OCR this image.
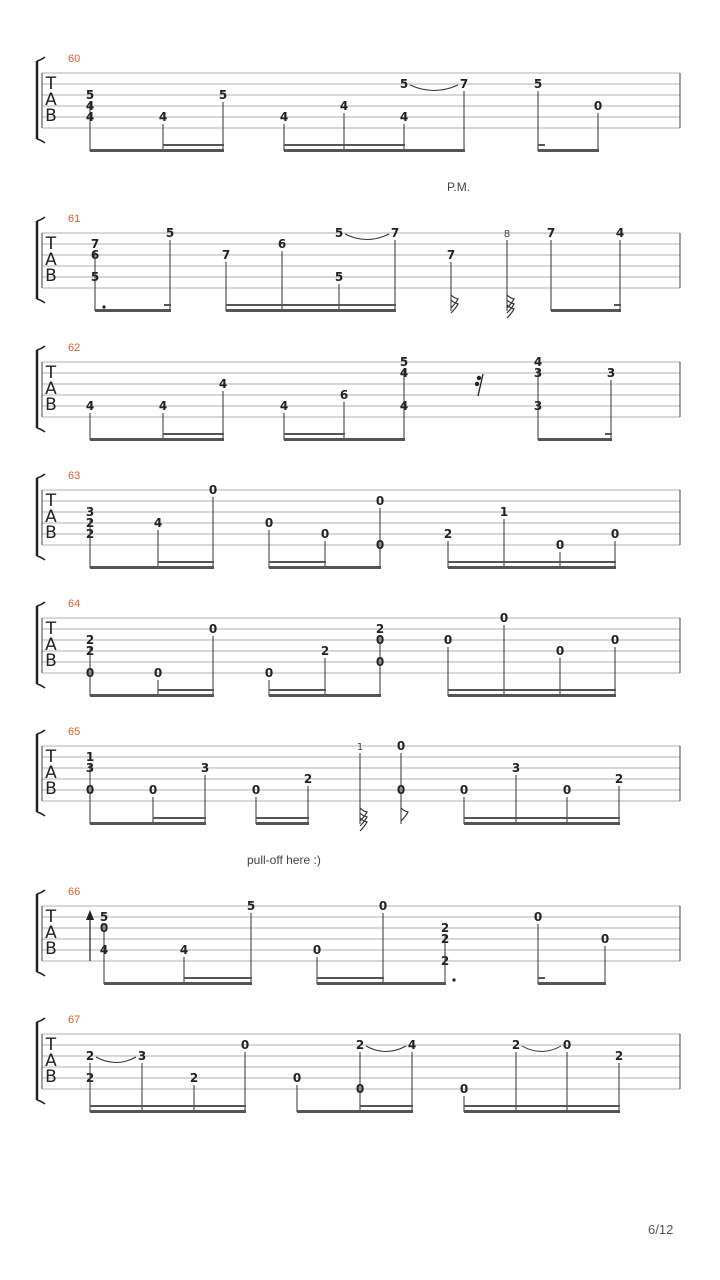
T
A
B
60
5
4
4	4
5
4
4
4
5	7	5
0
T
A
B
61
P.M.
7
6
5
5
7
6
5
5	7
7
8	7	4
T
A
B
62
4	4
4
4
6
5
4
4
4
3
3
3
T
A
B
63
3
2
2
4
0
0
0
0
0
2
1
0
0
T
A
B
64
2
2
0	0
0
0
2
2
0
0
0
0
0
0
T
A
B
65
1
3
0	0
3
0
2
1	0
0	0
3
0
2
T
A
B
66
pull-off here :)
5
0
4	4
5
0
0
2
2
2
0
0
T
A
B
67
2
2
3
2
0
0
2
0
4
0
2	0
2
6/12
